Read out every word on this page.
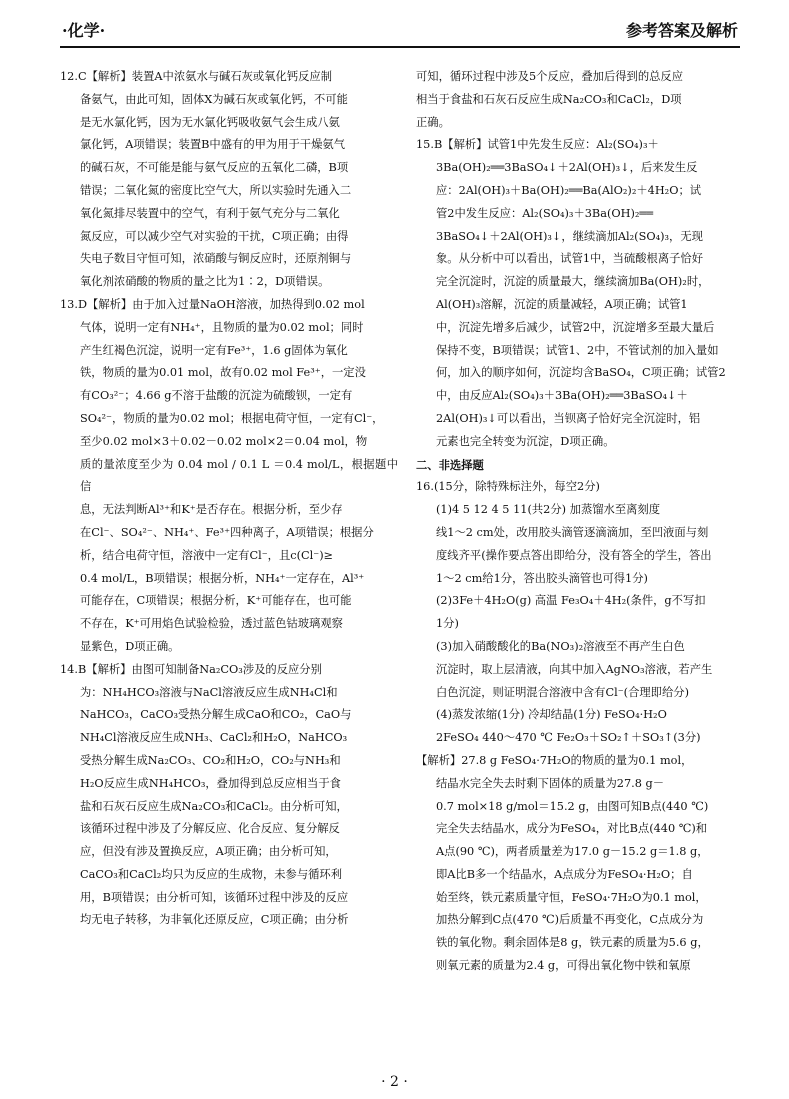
·化学·	参考答案及解析

12.C【解析】装置A中浓氨水与碱石灰或氧化钙反应制

备氨气，由此可知，固体X为碱石灰或氧化钙，不可能

是无水氯化钙，因为无水氯化钙吸收氨气会生成八氨

氯化钙，A项错误；装置B中盛有的甲为用于干燥氨气

的碱石灰，不可能是能与氨气反应的五氧化二磷，B项

错误；二氧化氮的密度比空气大，所以实验时先通入二

氧化氮排尽装置中的空气，有利于氨气充分与二氧化

氮反应，可以减少空气对实验的干扰，C项正确；由得

失电子数目守恒可知，浓硝酸与铜反应时，还原剂铜与

氧化剂浓硝酸的物质的量之比为1∶2，D项错误。

13.D【解析】由于加入过量NaOH溶液，加热得到0.02 mol

气体，说明一定有NH₄⁺，且物质的量为0.02 mol；同时

产生红褐色沉淀，说明一定有Fe³⁺，1.6 g固体为氧化

铁，物质的量为0.01 mol，故有0.02 mol Fe³⁺，一定没

有CO₃²⁻；4.66 g不溶于盐酸的沉淀为硫酸钡，一定有

SO₄²⁻，物质的量为0.02 mol；根据电荷守恒，一定有Cl⁻，

至少0.02 mol×3＋0.02－0.02 mol×2＝0.04 mol，物

质的量浓度至少为 0.04 mol / 0.1 L ＝0.4 mol/L，根据题中信

息，无法判断Al³⁺和K⁺是否存在。根据分析，至少存

在Cl⁻、SO₄²⁻、NH₄⁺、Fe³⁺四种离子，A项错误；根据分

析，结合电荷守恒，溶液中一定有Cl⁻，且c(Cl⁻)≥

0.4 mol/L，B项错误；根据分析，NH₄⁺一定存在，Al³⁺

可能存在，C项错误；根据分析，K⁺可能存在，也可能

不存在，K⁺可用焰色试验检验，透过蓝色钴玻璃观察

显紫色，D项正确。

14.B【解析】由图可知制备Na₂CO₃涉及的反应分别

为：NH₄HCO₃溶液与NaCl溶液反应生成NH₄Cl和

NaHCO₃，CaCO₃受热分解生成CaO和CO₂，CaO与

NH₄Cl溶液反应生成NH₃、CaCl₂和H₂O，NaHCO₃

受热分解生成Na₂CO₃、CO₂和H₂O，CO₂与NH₃和

H₂O反应生成NH₄HCO₃，叠加得到总反应相当于食

盐和石灰石反应生成Na₂CO₃和CaCl₂。由分析可知，

该循环过程中涉及了分解反应、化合反应、复分解反

应，但没有涉及置换反应，A项正确；由分析可知，

CaCO₃和CaCl₂均只为反应的生成物，未参与循环利

用，B项错误；由分析可知，该循环过程中涉及的反应

均无电子转移，为非氧化还原反应，C项正确；由分析

可知，循环过程中涉及5个反应，叠加后得到的总反应

相当于食盐和石灰石反应生成Na₂CO₃和CaCl₂，D项

正确。

15.B【解析】试管1中先发生反应：Al₂(SO₄)₃＋

3Ba(OH)₂══3BaSO₄↓＋2Al(OH)₃↓，后来发生反

应：2Al(OH)₃＋Ba(OH)₂══Ba(AlO₂)₂＋4H₂O；试

管2中发生反应：Al₂(SO₄)₃＋3Ba(OH)₂══

3BaSO₄↓＋2Al(OH)₃↓，继续滴加Al₂(SO₄)₃，无现

象。从分析中可以看出，试管1中，当硫酸根离子恰好

完全沉淀时，沉淀的质量最大，继续滴加Ba(OH)₂时，

Al(OH)₃溶解，沉淀的质量减轻，A项正确；试管1

中，沉淀先增多后减少，试管2中，沉淀增多至最大量后

保持不变，B项错误；试管1、2中，不管试剂的加入量如

何，加入的顺序如何，沉淀均含BaSO₄，C项正确；试管2

中，由反应Al₂(SO₄)₃＋3Ba(OH)₂══3BaSO₄↓＋

2Al(OH)₃↓可以看出，当钡离子恰好完全沉淀时，铝

元素也完全转变为沉淀，D项正确。

二、非选择题

16.(15分，除特殊标注外，每空2分)

(1)4 5 12 4 5 11(共2分) 加蒸馏水至离刻度

线1～2 cm处，改用胶头滴管逐滴滴加，至凹液面与刻

度线齐平(操作要点答出即给分，没有答全的学生，答出

1～2 cm给1分，答出胶头滴管也可得1分)

(2)3Fe＋4H₂O(g) 高温 Fe₃O₄＋4H₂(条件，g不写扣

1分)

(3)加入硝酸酸化的Ba(NO₃)₂溶液至不再产生白色

沉淀时，取上层清液，向其中加入AgNO₃溶液，若产生

白色沉淀，则证明混合溶液中含有Cl⁻(合理即给分)

(4)蒸发浓缩(1分) 冷却结晶(1分) FeSO₄·H₂O

2FeSO₄ 440～470 ℃ Fe₂O₃＋SO₂↑＋SO₃↑(3分)

【解析】27.8 g FeSO₄·7H₂O的物质的量为0.1 mol，

结晶水完全失去时剩下固体的质量为27.8 g－

0.7 mol×18 g/mol＝15.2 g，由图可知B点(440 ℃)

完全失去结晶水，成分为FeSO₄，对比B点(440 ℃)和

A点(90 ℃)，两者质量差为17.0 g－15.2 g＝1.8 g，

即A比B多一个结晶水，A点成分为FeSO₄·H₂O；自

始至终，铁元素质量守恒，FeSO₄·7H₂O为0.1 mol，

加热分解到C点(470 ℃)后质量不再变化，C点成分为

铁的氧化物。剩余固体是8 g，铁元素的质量为5.6 g，

则氧元素的质量为2.4 g，可得出氧化物中铁和氧原

· 2 ·
